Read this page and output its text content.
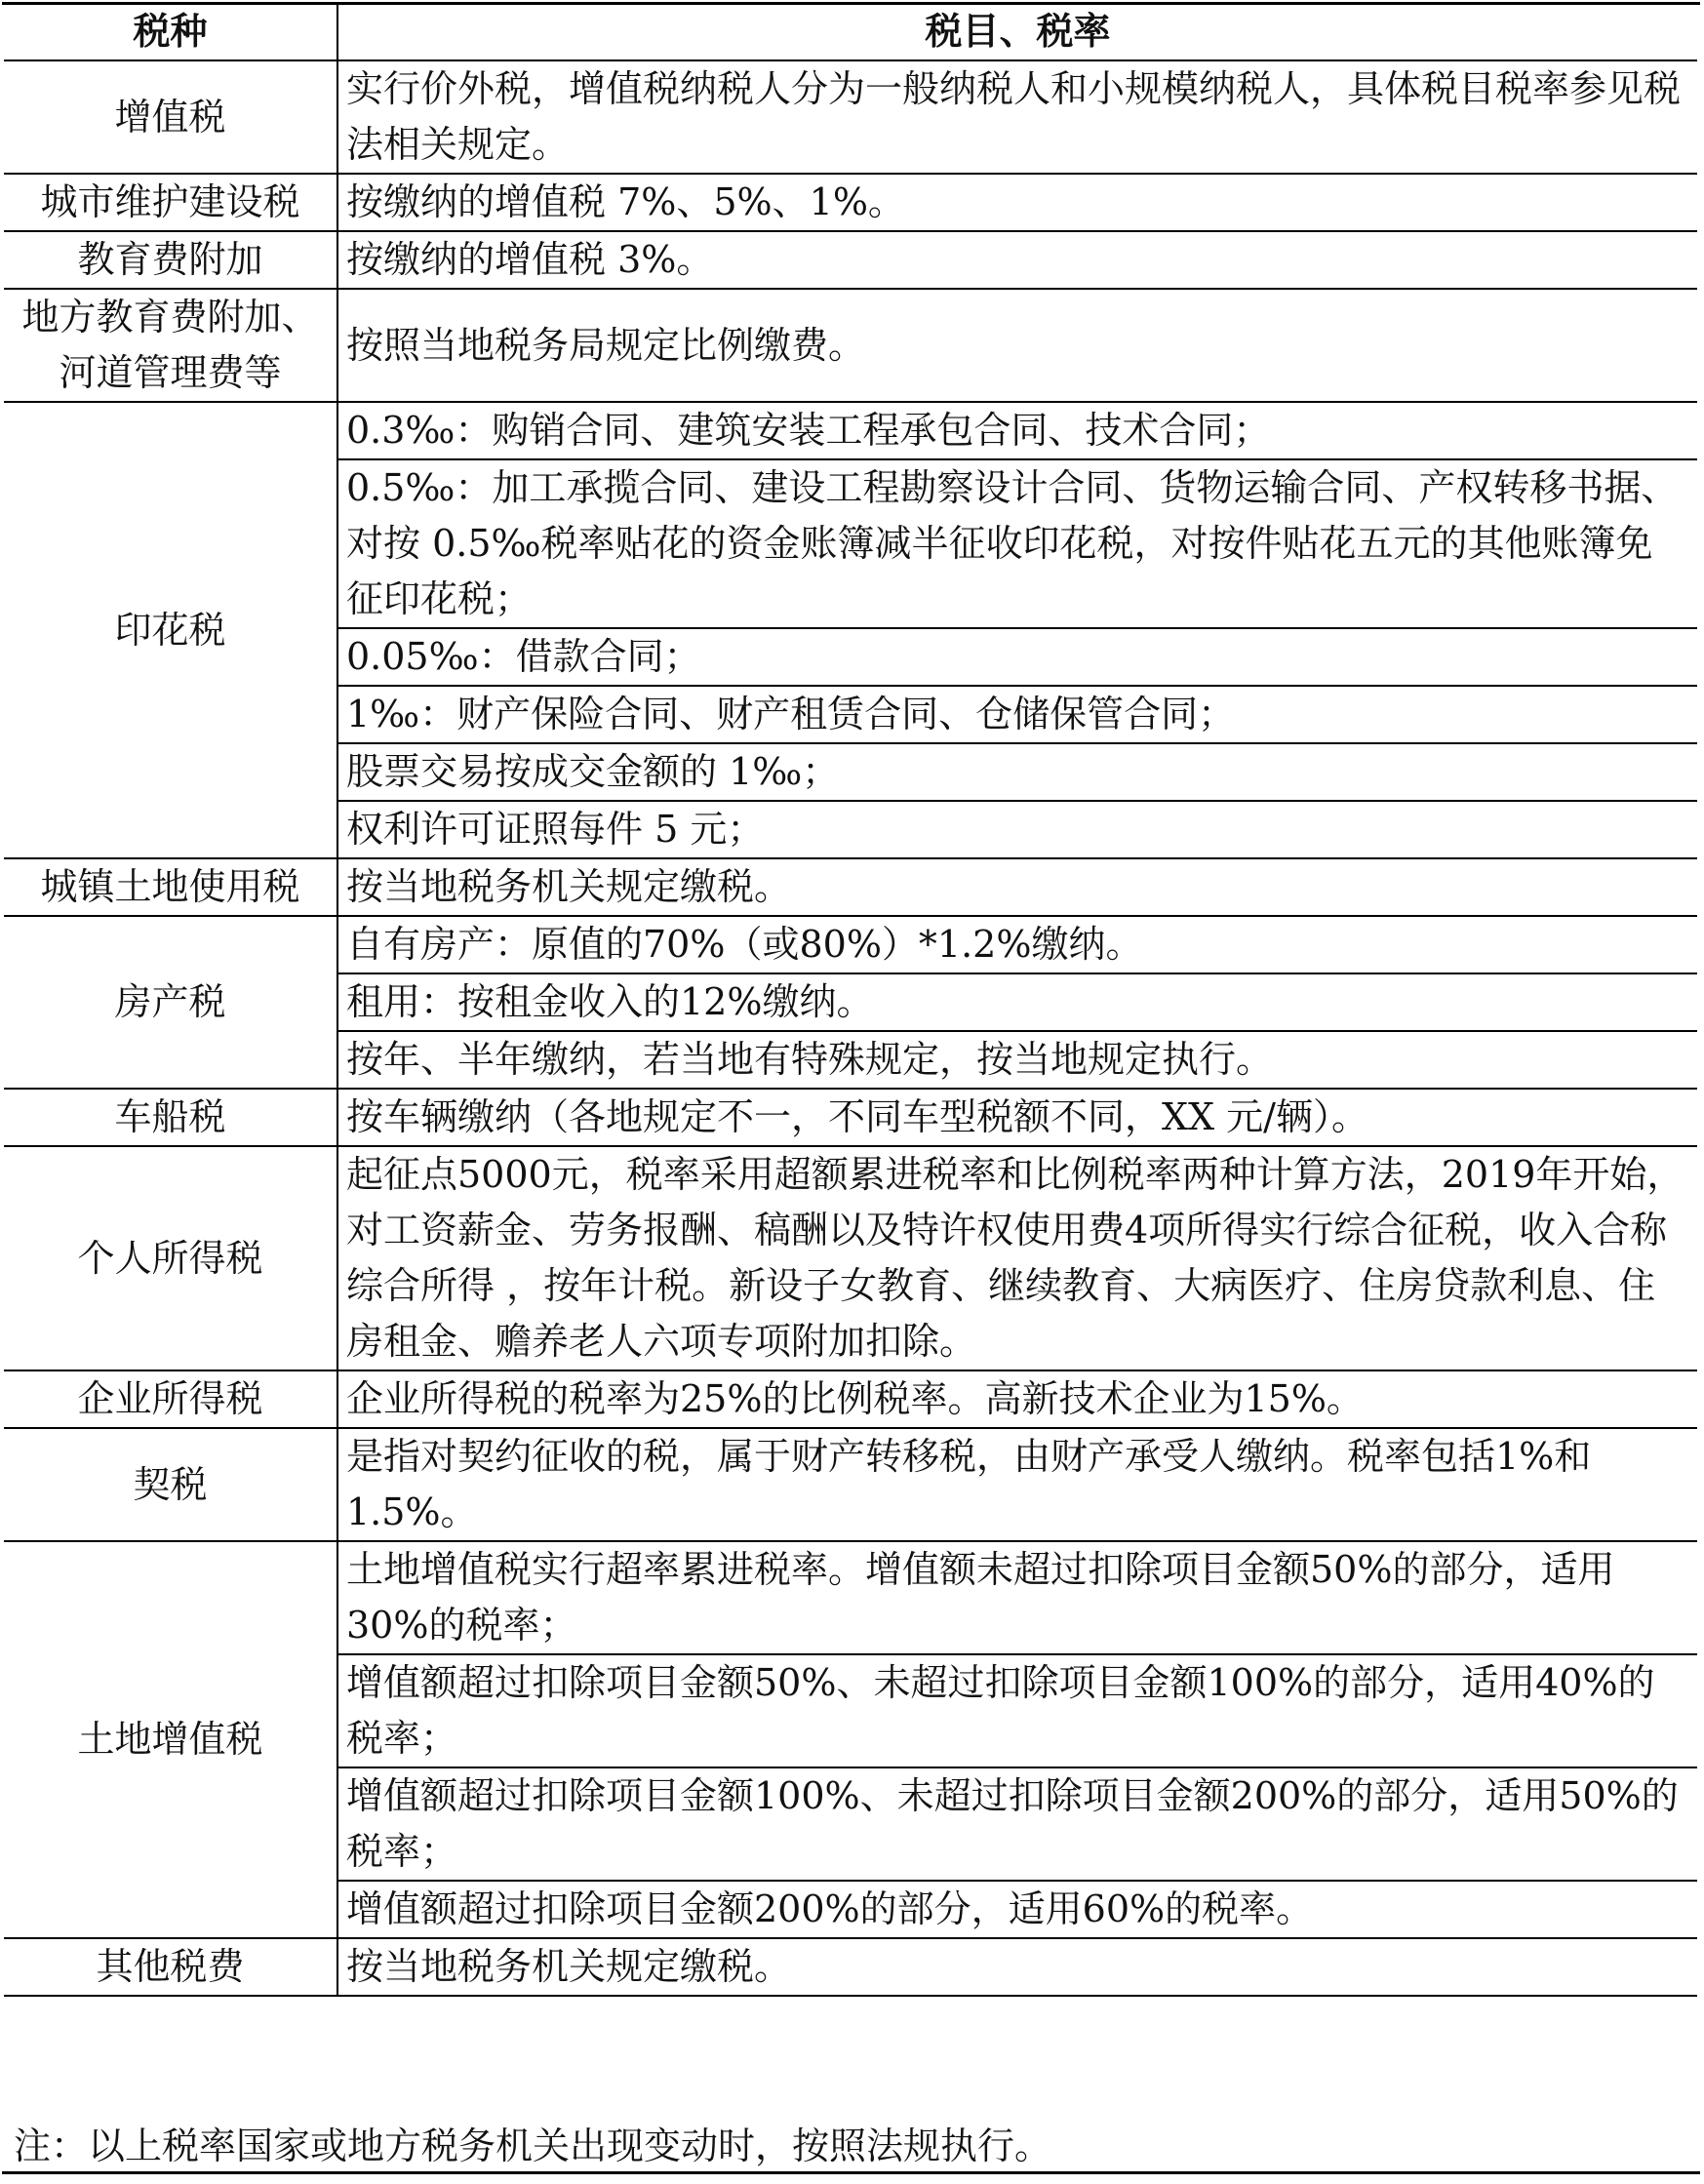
税种	税目、税率
增值税	实行价外税，增值税纳税人分为一般纳税人和小规模纳税人，具体税目税率参见税法相关规定。
城市维护建设税	按缴纳的增值税 7%、5%、1%。
教育费附加	按缴纳的增值税 3%。
地方教育费附加、河道管理费等	按照当地税务局规定比例缴费。
印花税	0.3‰：购销合同、建筑安装工程承包合同、技术合同；
	0.5‰：加工承揽合同、建设工程勘察设计合同、货物运输合同、产权转移书据、对按 0.5‰税率贴花的资金账簿减半征收印花税，对按件贴花五元的其他账簿免征印花税；
	0.05‰：借款合同；
	1‰：财产保险合同、财产租赁合同、仓储保管合同；
	股票交易按成交金额的 1‰；
	权利许可证照每件 5 元；
城镇土地使用税	按当地税务机关规定缴税。
房产税	自有房产：原值的70%（或80%）*1.2%缴纳。
	租用：按租金收入的12%缴纳。
	按年、半年缴纳，若当地有特殊规定，按当地规定执行。
车船税	按车辆缴纳（各地规定不一，不同车型税额不同，XX 元/辆）。
个人所得税	起征点5000元，税率采用超额累进税率和比例税率两种计算方法，2019年开始，对工资薪金、劳务报酬、稿酬以及特许权使用费4项所得实行综合征税，收入合称综合所得 ，按年计税。新设子女教育、继续教育、大病医疗、住房贷款利息、住房租金、赡养老人六项专项附加扣除。
企业所得税	企业所得税的税率为25%的比例税率。高新技术企业为15%。
契税	是指对契约征收的税，属于财产转移税，由财产承受人缴纳。税率包括1%和 1.5%。
土地增值税	土地增值税实行超率累进税率。增值额未超过扣除项目金额50%的部分，适用30%的税率；
	增值额超过扣除项目金额50%、未超过扣除项目金额100%的部分，适用40%的税率；
	增值额超过扣除项目金额100%、未超过扣除项目金额200%的部分，适用50%的税率；
	增值额超过扣除项目金额200%的部分，适用60%的税率。
其他税费	按当地税务机关规定缴税。
注：以上税率国家或地方税务机关出现变动时，按照法规执行。
